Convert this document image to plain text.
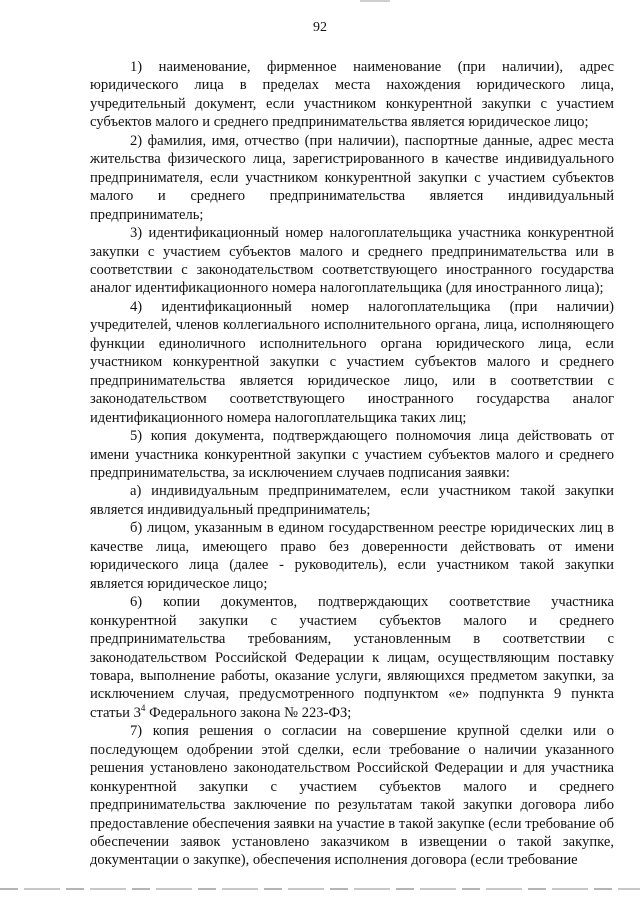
92

1) наименование, фирменное наименование (при наличии), адрес юридического лица в пределах места нахождения юридического лица, учредительный документ, если участником конкурентной закупки с участием субъектов малого и среднего предпринимательства является юридическое лицо;

2) фамилия, имя, отчество (при наличии), паспортные данные, адрес места жительства физического лица, зарегистрированного в качестве индивидуального предпринимателя, если участником конкурентной закупки с участием субъектов малого и среднего предпринимательства является индивидуальный предприниматель;

3) идентификационный номер налогоплательщика участника конкурентной закупки с участием субъектов малого и среднего предпринимательства или в соответствии с законодательством соответствующего иностранного государства аналог идентификационного номера налогоплательщика (для иностранного лица);

4) идентификационный номер налогоплательщика (при наличии) учредителей, членов коллегиального исполнительного органа, лица, исполняющего функции единоличного исполнительного органа юридического лица, если участником конкурентной закупки с участием субъектов малого и среднего предпринимательства является юридическое лицо, или в соответствии с законодательством соответствующего иностранного государства аналог идентификационного номера налогоплательщика таких лиц;

5) копия документа, подтверждающего полномочия лица действовать от имени участника конкурентной закупки с участием субъектов малого и среднего предпринимательства, за исключением случаев подписания заявки:

а) индивидуальным предпринимателем, если участником такой закупки является индивидуальный предприниматель;

б) лицом, указанным в едином государственном реестре юридических лиц в качестве лица, имеющего право без доверенности действовать от имени юридического лица (далее - руководитель), если участником такой закупки является юридическое лицо;

6) копии документов, подтверждающих соответствие участника конкурентной закупки с участием субъектов малого и среднего предпринимательства требованиям, установленным в соответствии с законодательством Российской Федерации к лицам, осуществляющим поставку товара, выполнение работы, оказание услуги, являющихся предметом закупки, за исключением случая, предусмотренного подпунктом «е» подпункта 9 пункта статьи $3^4$ Федерального закона № 223-ФЗ;

7) копия решения о согласии на совершение крупной сделки или о последующем одобрении этой сделки, если требование о наличии указанного решения установлено законодательством Российской Федерации и для участника конкурентной закупки с участием субъектов малого и среднего предпринимательства заключение по результатам такой закупки договора либо предоставление обеспечения заявки на участие в такой закупке (если требование об обеспечении заявок установлено заказчиком в извещении о такой закупке, документации о закупке), обеспечения исполнения договора (если требование
